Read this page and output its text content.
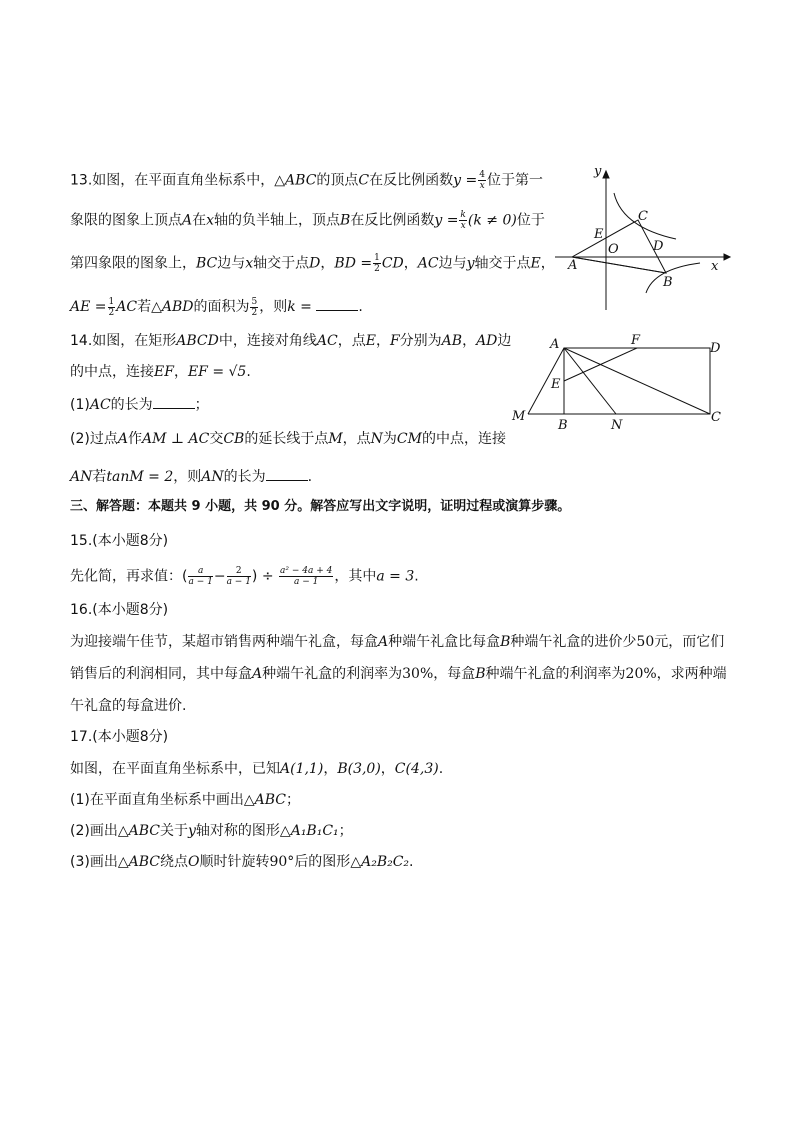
13.如图，在平面直角坐标系中，△ABC的顶点C在反比例函数$y = \frac{4}{x}$ 位于第一
象限的图象上顶点A在x轴的负半轴上，顶点B在反比例函数$y = \frac{k}{x} (k \ne 0)$位于
第四象限的图象上，BC边与x轴交于点D，BD = $\frac{1}{2}$ CD，AC边与y轴交于点E，
AE = $\frac{1}{2}$ AC若△ABD的面积为 $\frac{5}{2}$ ，则k =	.
y
x
C
E
O	D
A
B
14.如图，在矩形ABCD中，连接对角线AC，点E，F分别为AB，AD边
的中点，连接EF，EF = √5.
(1)AC的长为	；
(2)过点A作AM ⊥ AC交CB的延长线于点M，点N为CM的中点，连接
AN若tanM = 2，则AN的长为	.
A	F
D
E
M
B	N
C
三、解答题：本题共 9 小题，共 90 分。解答应写出文字说明，证明过程或演算步骤。
15.(本小题8分)
先化简，再求值：( $\frac{a}{a - 1} - \frac{2}{a - 1}$ ) ÷ $\frac{\text{a² − 4a + 4}}{a - 1}$ ，其中a = 3.
16.(本小题8分)
为迎接端午佳节，某超市销售两种端午礼盒，每盒A种端午礼盒比每盒B种端午礼盒的进价少50元，而它们
销售后的利润相同，其中每盒A种端午礼盒的利润率为30%，每盒B种端午礼盒的利润率为20%，求两种端
午礼盒的每盒进价.
17.(本小题8分)
如图，在平面直角坐标系中，已知A(1,1)，B(3,0)，C(4,3).
(1)在平面直角坐标系中画出△ABC；
(2)画出△ABC关于y轴对称的图形△A₁B₁C₁；
(3)画出△ABC绕点O顺时针旋转90°后的图形△A₂B₂C₂.
